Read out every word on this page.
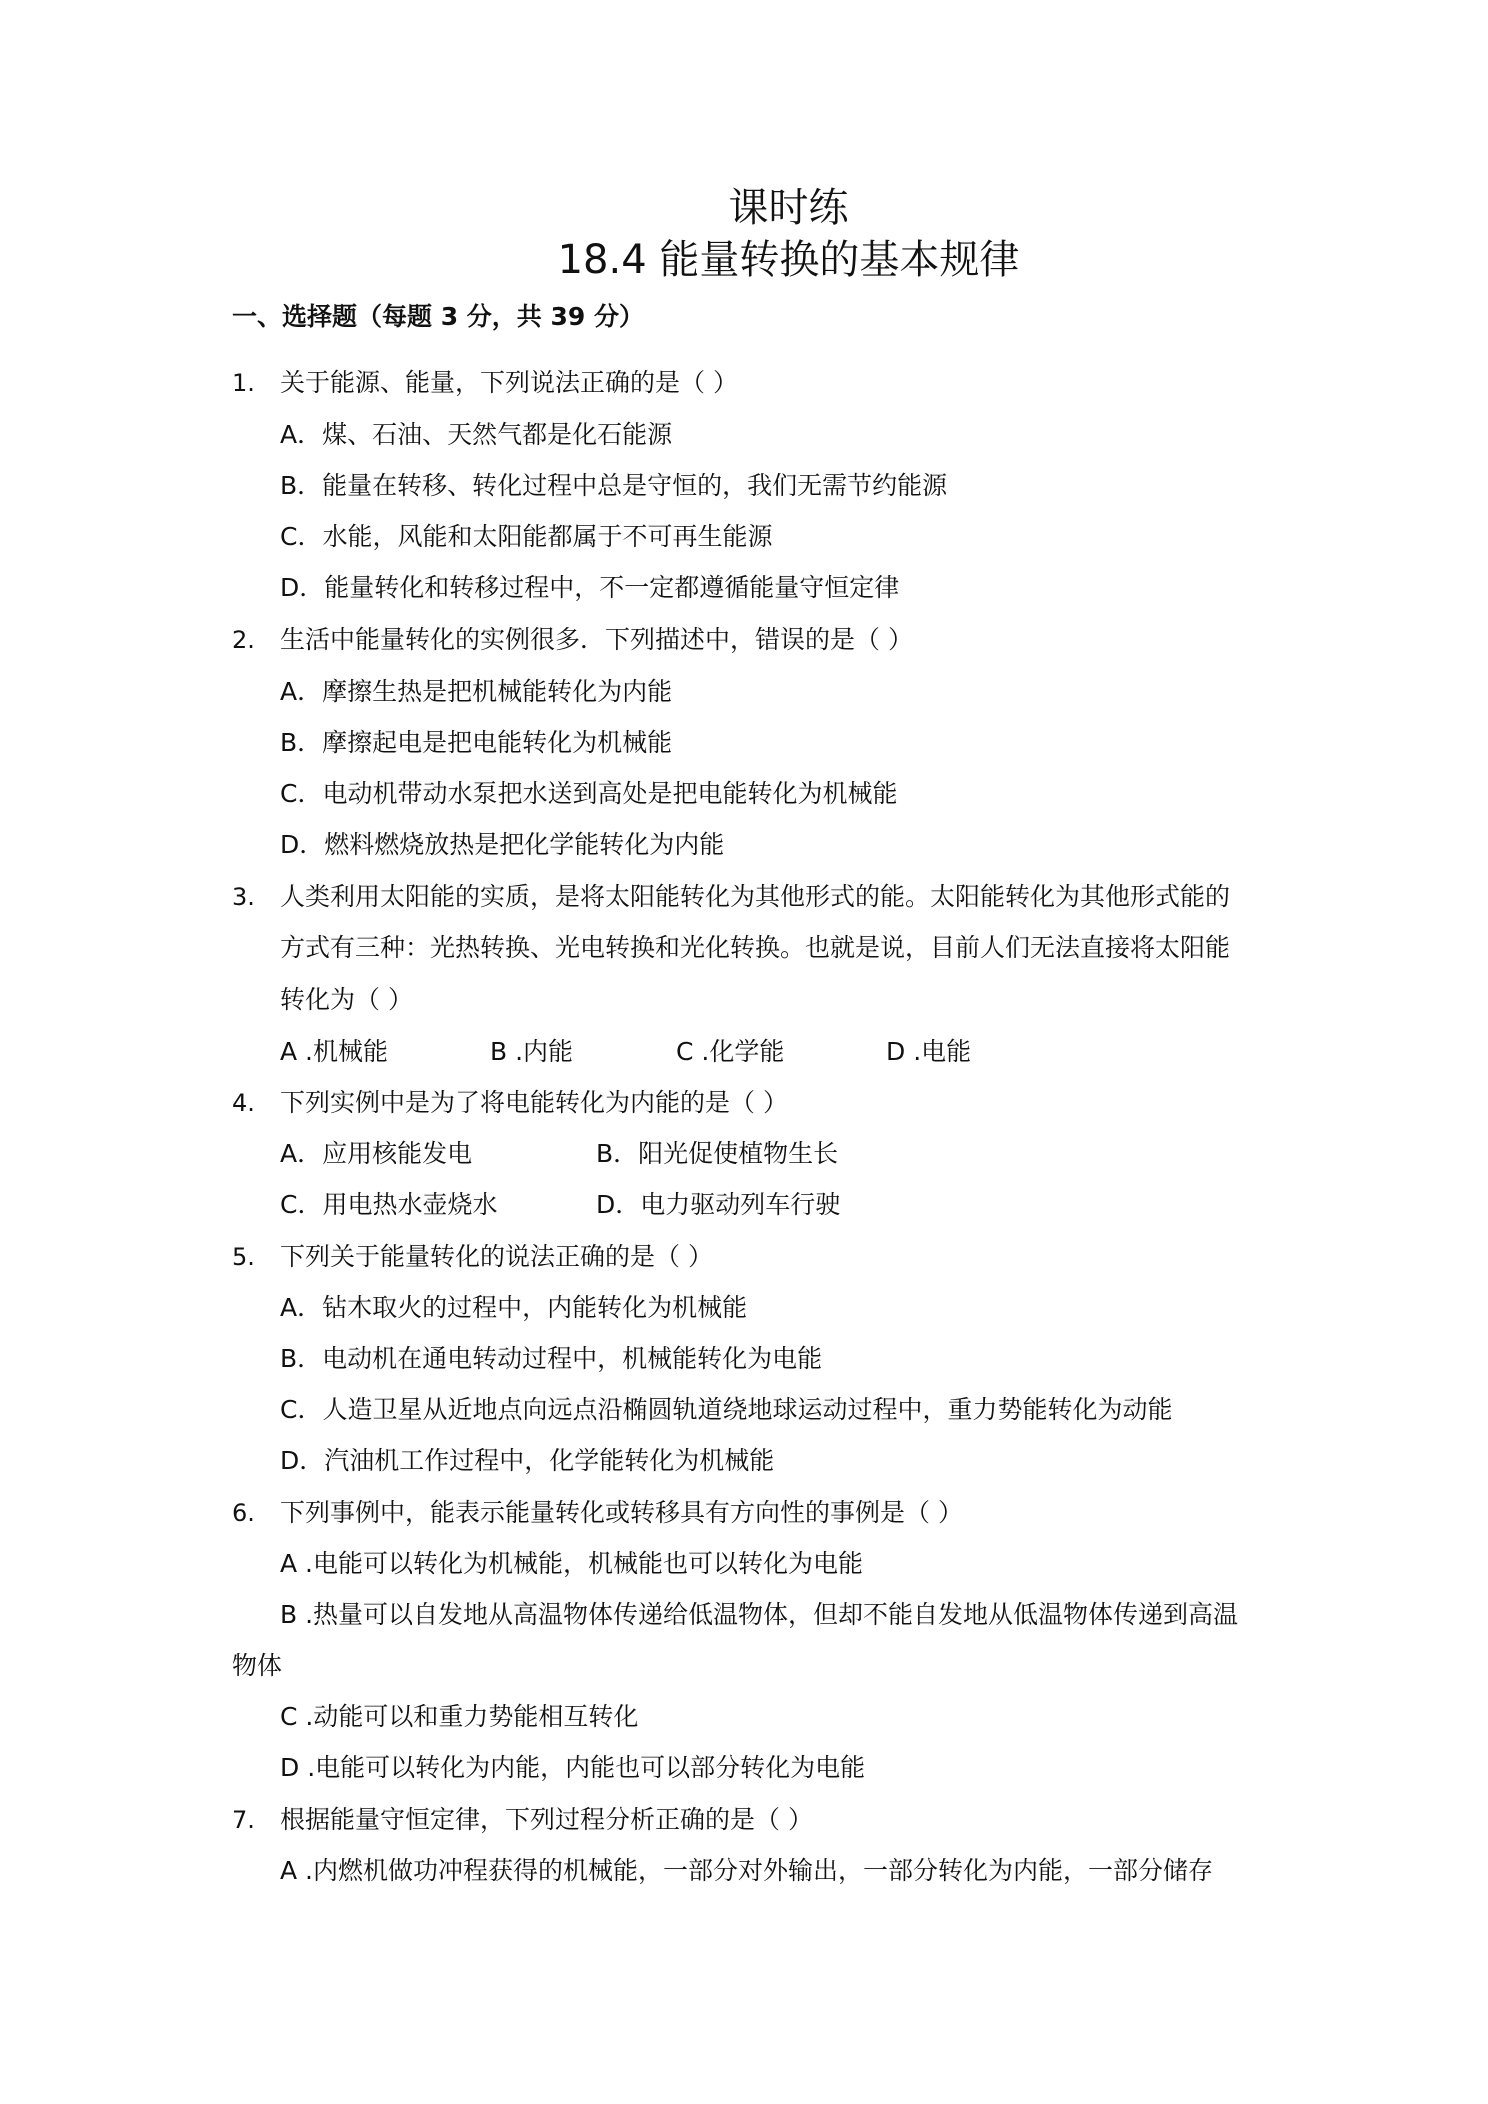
课时练
18.4 能量转换的基本规律
一、选择题（每题 3 分，共 39 分）
1. 关于能源、能量，下列说法正确的是（ ）
A．煤、石油、天然气都是化石能源
B．能量在转移、转化过程中总是守恒的，我们无需节约能源
C．水能，风能和太阳能都属于不可再生能源
D．能量转化和转移过程中，不一定都遵循能量守恒定律
2. 生活中能量转化的实例很多．下列描述中，错误的是（ ）
A．摩擦生热是把机械能转化为内能
B．摩擦起电是把电能转化为机械能
C．电动机带动水泵把水送到高处是把电能转化为机械能
D．燃料燃烧放热是把化学能转化为内能
3. 人类利用太阳能的实质，是将太阳能转化为其他形式的能。太阳能转化为其他形式能的
方式有三种：光热转换、光电转换和光化转换。也就是说，目前人们无法直接将太阳能
转化为（ ）
A .机械能	B .内能	C .化学能	D .电能
4. 下列实例中是为了将电能转化为内能的是（ ）
A．应用核能发电	B．阳光促使植物生长
C．用电热水壶烧水	D．电力驱动列车行驶
5. 下列关于能量转化的说法正确的是（ ）
A．钻木取火的过程中，内能转化为机械能
B．电动机在通电转动过程中，机械能转化为电能
C．人造卫星从近地点向远点沿椭圆轨道绕地球运动过程中，重力势能转化为动能
D．汽油机工作过程中，化学能转化为机械能
6. 下列事例中，能表示能量转化或转移具有方向性的事例是（ ）
A .电能可以转化为机械能，机械能也可以转化为电能
B .热量可以自发地从高温物体传递给低温物体，但却不能自发地从低温物体传递到高温
物体
C .动能可以和重力势能相互转化
D .电能可以转化为内能，内能也可以部分转化为电能
7. 根据能量守恒定律，下列过程分析正确的是（ ）
A .内燃机做功冲程获得的机械能，一部分对外输出，一部分转化为内能，一部分储存
